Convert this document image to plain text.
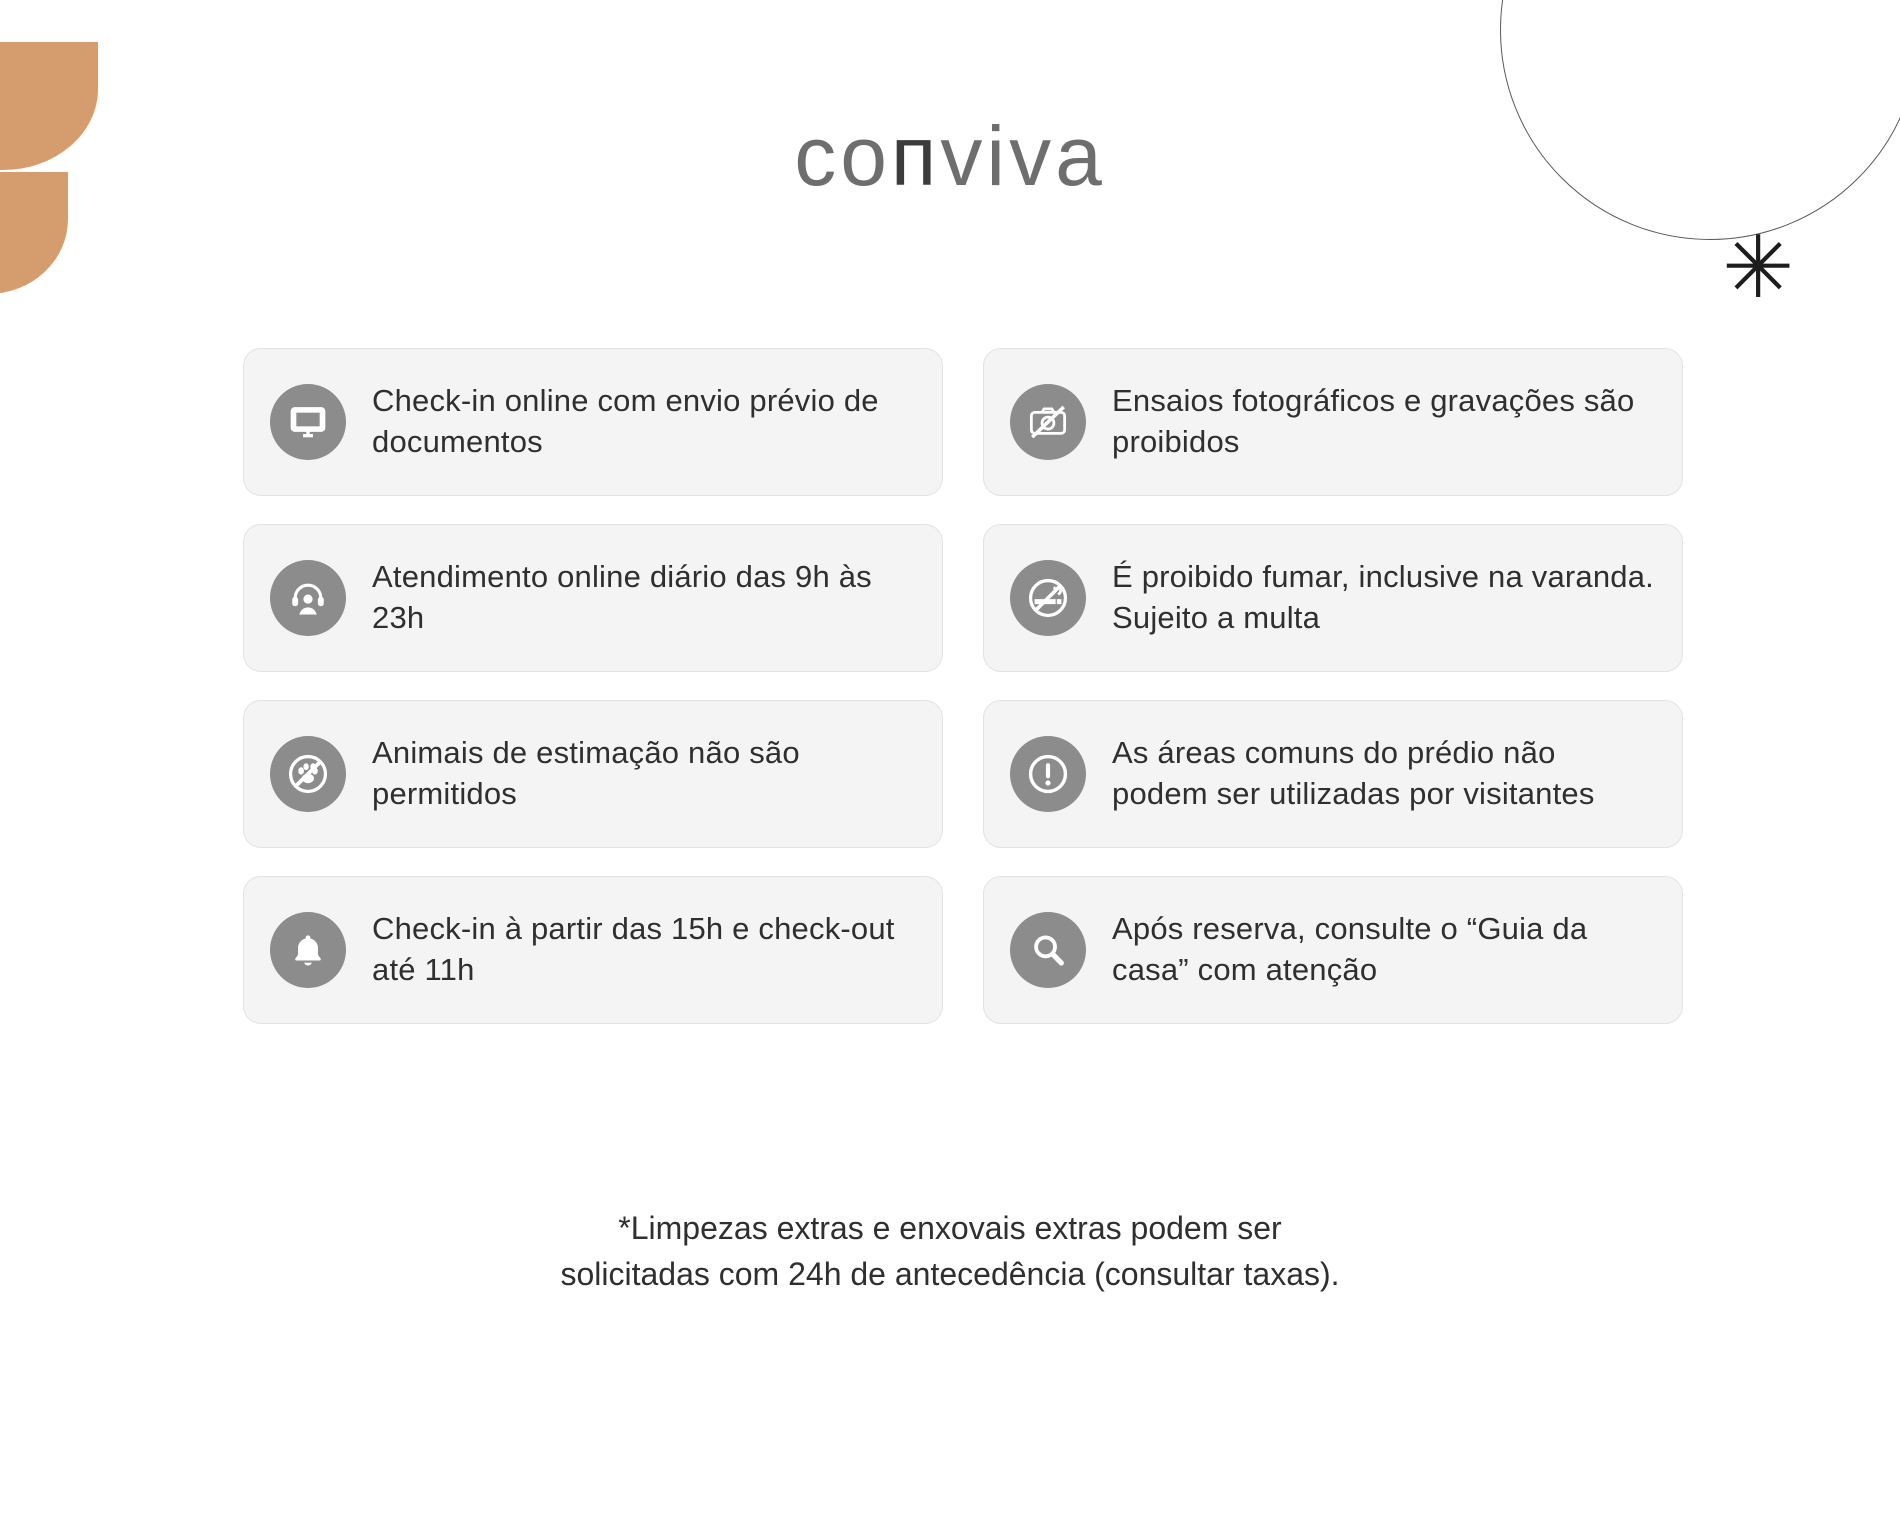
✳
coпviva
Check-in online com envio prévio de documentos
Ensaios fotográficos e gravações são proibidos
Atendimento online diário das 9h às 23h
É proibido fumar, inclusive na varanda. Sujeito a multa
Animais de estimação não são permitidos
As áreas comuns do prédio não podem ser utilizadas por visitantes
Check-in à partir das 15h e check-out até 11h
Após reserva, consulte o “Guia da casa” com atenção
*Limpezas extras e enxovais extras podem ser
solicitadas com 24h de antecedência (consultar taxas).
